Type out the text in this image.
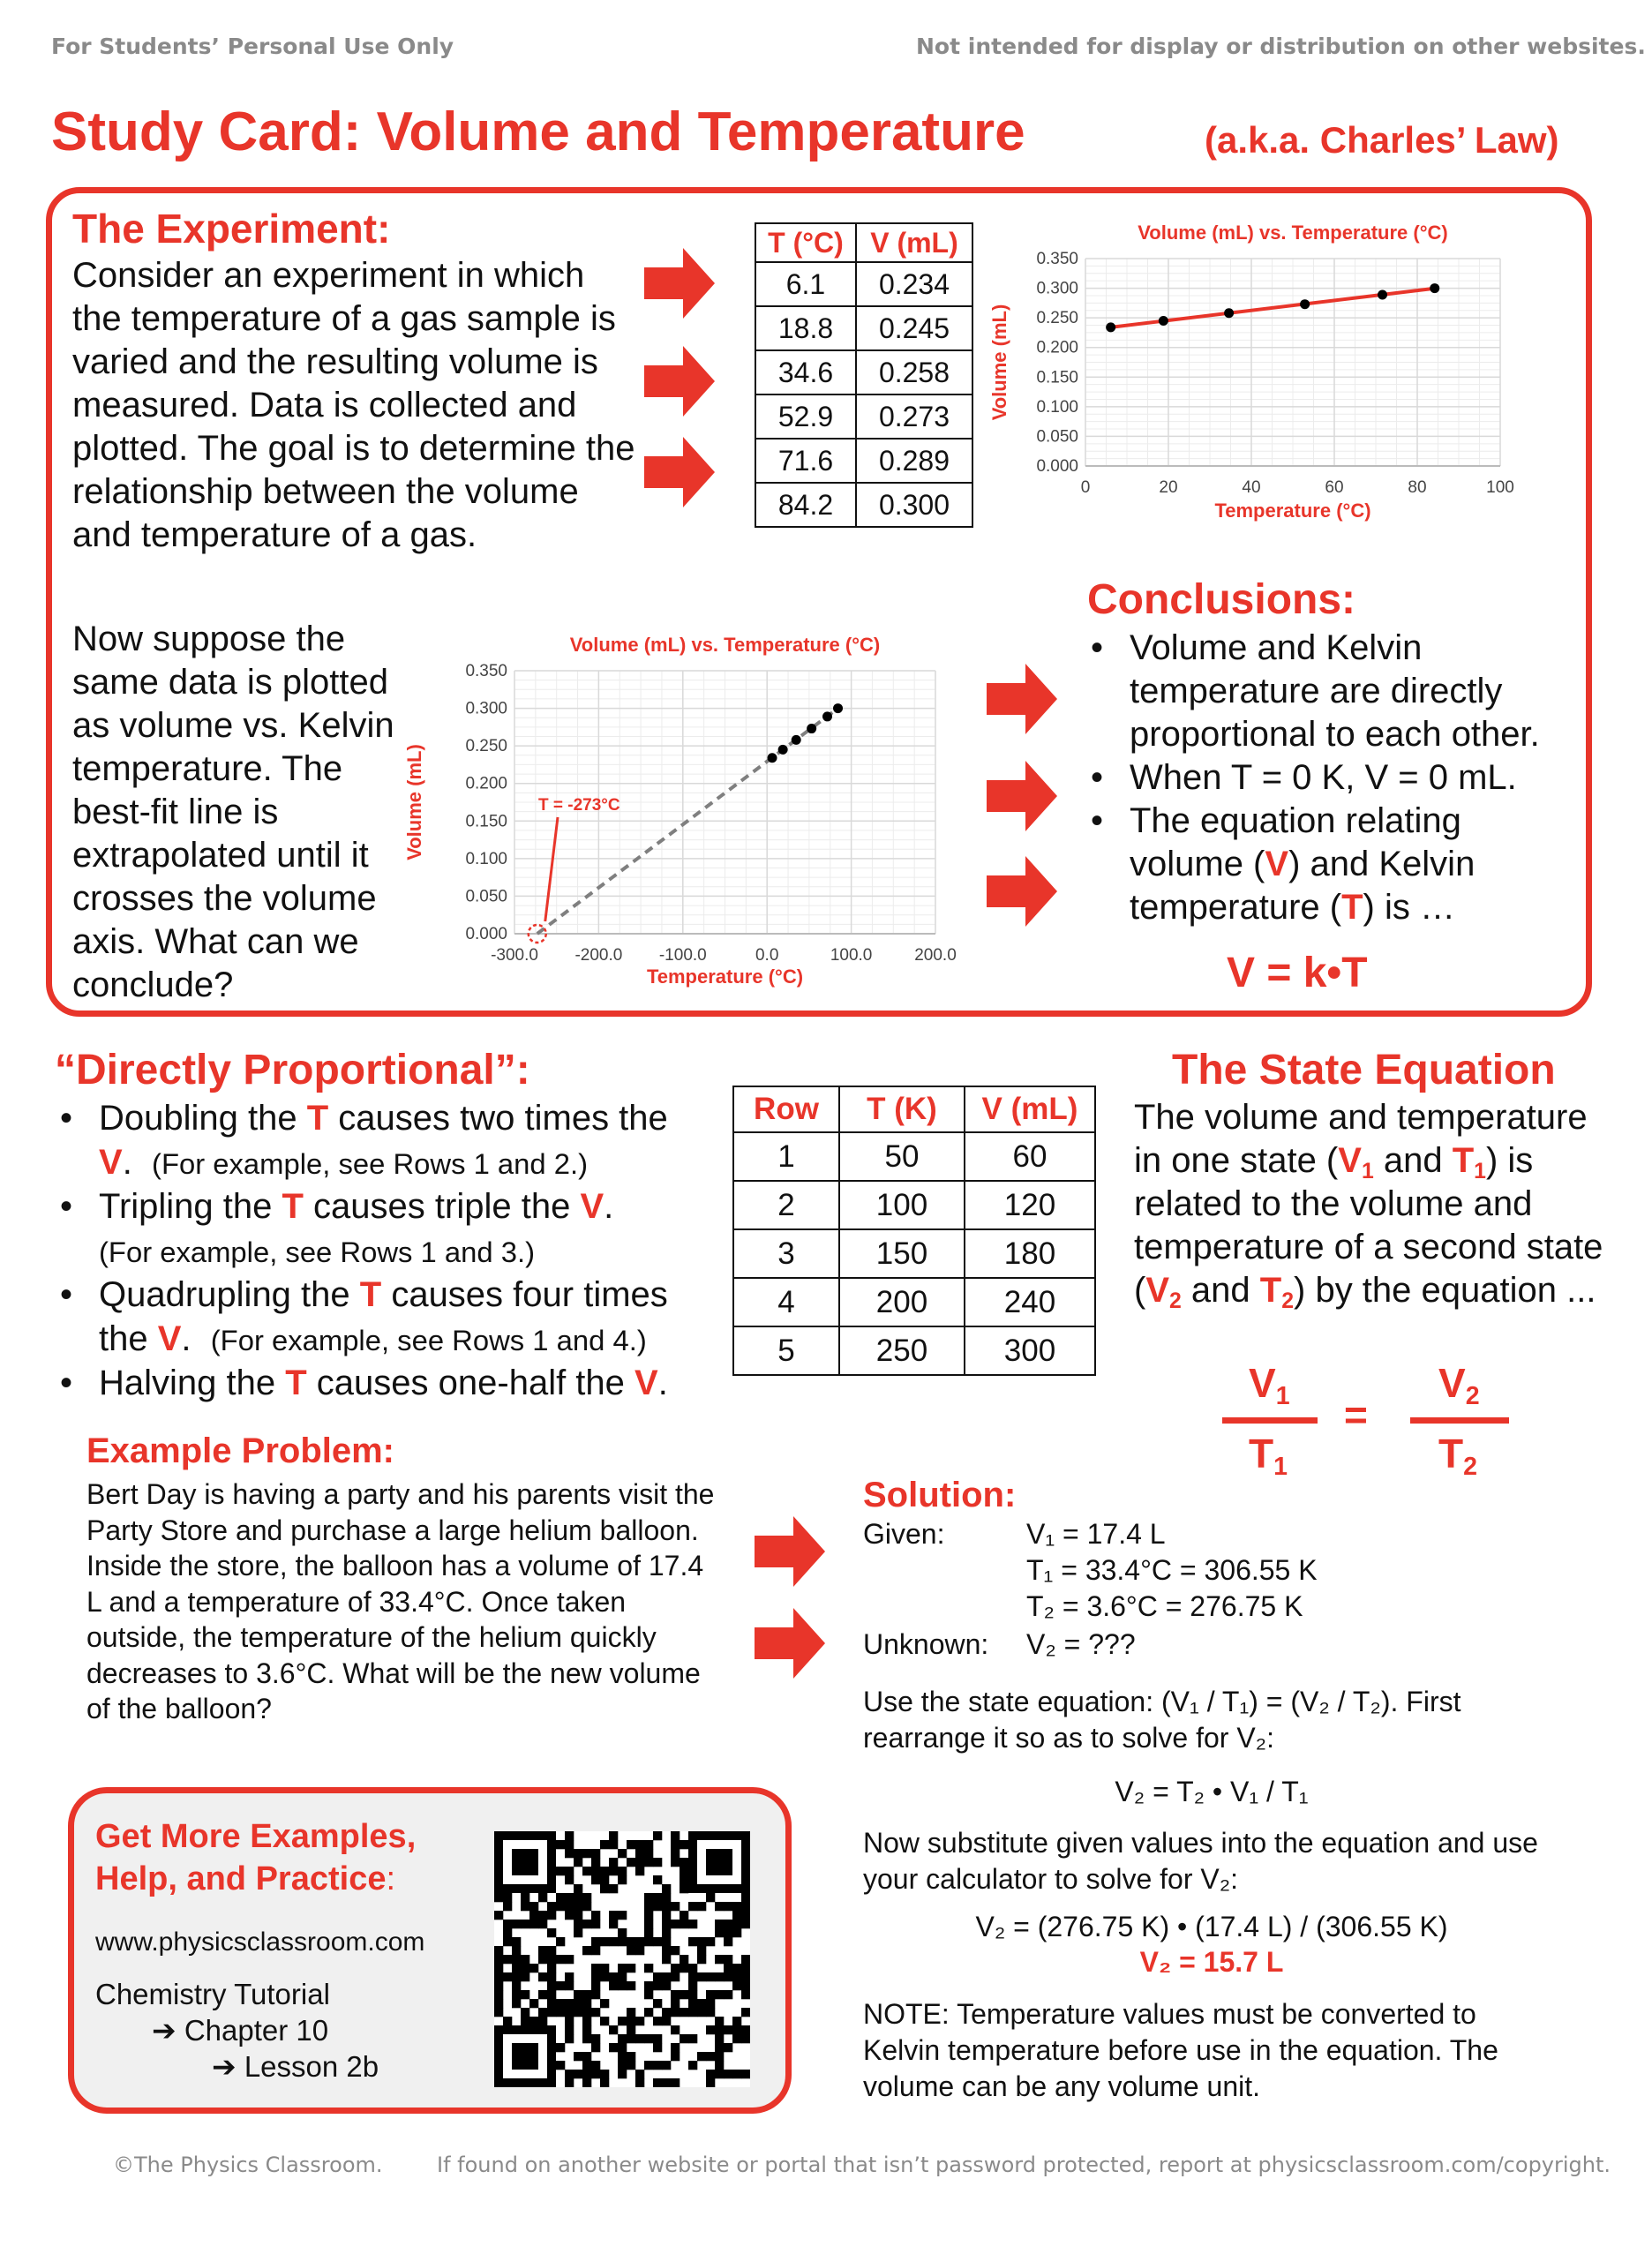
For Students’ Personal Use Only	Not intended for display or distribution on other websites.
Study Card: Volume and Temperature	(a.k.a. Charles’ Law)
The Experiment:
Consider an experiment in which the temperature of a gas sample is varied and the resulting volume is measured. Data is collected and plotted. The goal is to determine the relationship between the volume and temperature of a gas.
T (°C)	V (mL)
6.1	0.234
18.8	0.245
34.6	0.258
52.9	0.273
71.6	0.289
84.2	0.300
0	20	40	60	80	100
0.000
0.050
0.100
0.150
0.200
0.250
0.300
0.350
Volume (mL) vs. Temperature (°C)
Temperature (°C)
Volume (mL)
Now suppose the same data is plotted as volume vs. Kelvin temperature. The best-fit line is extrapolated until it crosses the volume axis. What can we conclude?
-300.0 -200.0 -100.0	0.0	100.0	200.0
0.000
0.050
0.100
0.150
0.200
0.250
0.300
0.350
Volume (mL) vs. Temperature (°C)
Temperature (°C)
Volume (mL)	T = -273°C
Conclusions:
• Volume and Kelvin temperature are directly proportional to each other.
• When T = 0 K, V = 0 mL.
• The equation relating volume (V) and Kelvin temperature (T) is …
V = k•T
“Directly Proportional”:
• Doubling the T causes two times the V. (For example, see Rows 1 and 2.)
• Tripling the T causes triple the V.
(For example, see Rows 1 and 3.)
• Quadrupling the T causes four times the V. (For example, see Rows 1 and 4.)
• Halving the T causes one-half the V.
Row	T (K)	V (mL)
1	50	60
2	100	120
3	150	180
4	200	240
5	250	300
The State Equation
The volume and temperature in one state (V1 and T1) is related to the volume and temperature of a second state (V2 and T2) by the equation ...
V1
T1
=
V2
T2
Example Problem:
Bert Day is having a party and his parents visit the Party Store and purchase a large helium balloon. Inside the store, the balloon has a volume of 17.4 L and a temperature of 33.4°C. Once taken outside, the temperature of the helium quickly decreases to 3.6°C. What will be the new volume of the balloon?
Solution:
Given:	V₁ = 17.4 L
T₁ = 33.4°C = 306.55 K
T₂ = 3.6°C = 276.75 K
Unknown: V₂ = ???
Use the state equation: (V₁ / T₁) = (V₂ / T₂). First rearrange it so as to solve for V₂:
V₂ = T₂ • V₁ / T₁
Now substitute given values into the equation and use your calculator to solve for V₂:
V₂ = (276.75 K) • (17.4 L) / (306.55 K)
V₂ = 15.7 L
NOTE: Temperature values must be converted to Kelvin temperature before use in the equation. The volume can be any volume unit.
Get More Examples,
Help, and Practice:
www.physicsclassroom.com
Chemistry Tutorial
➔ Chapter 10
➔ Lesson 2b
©The Physics Classroom.	If found on another website or portal that isn’t password protected, report at physicsclassroom.com/copyright.
